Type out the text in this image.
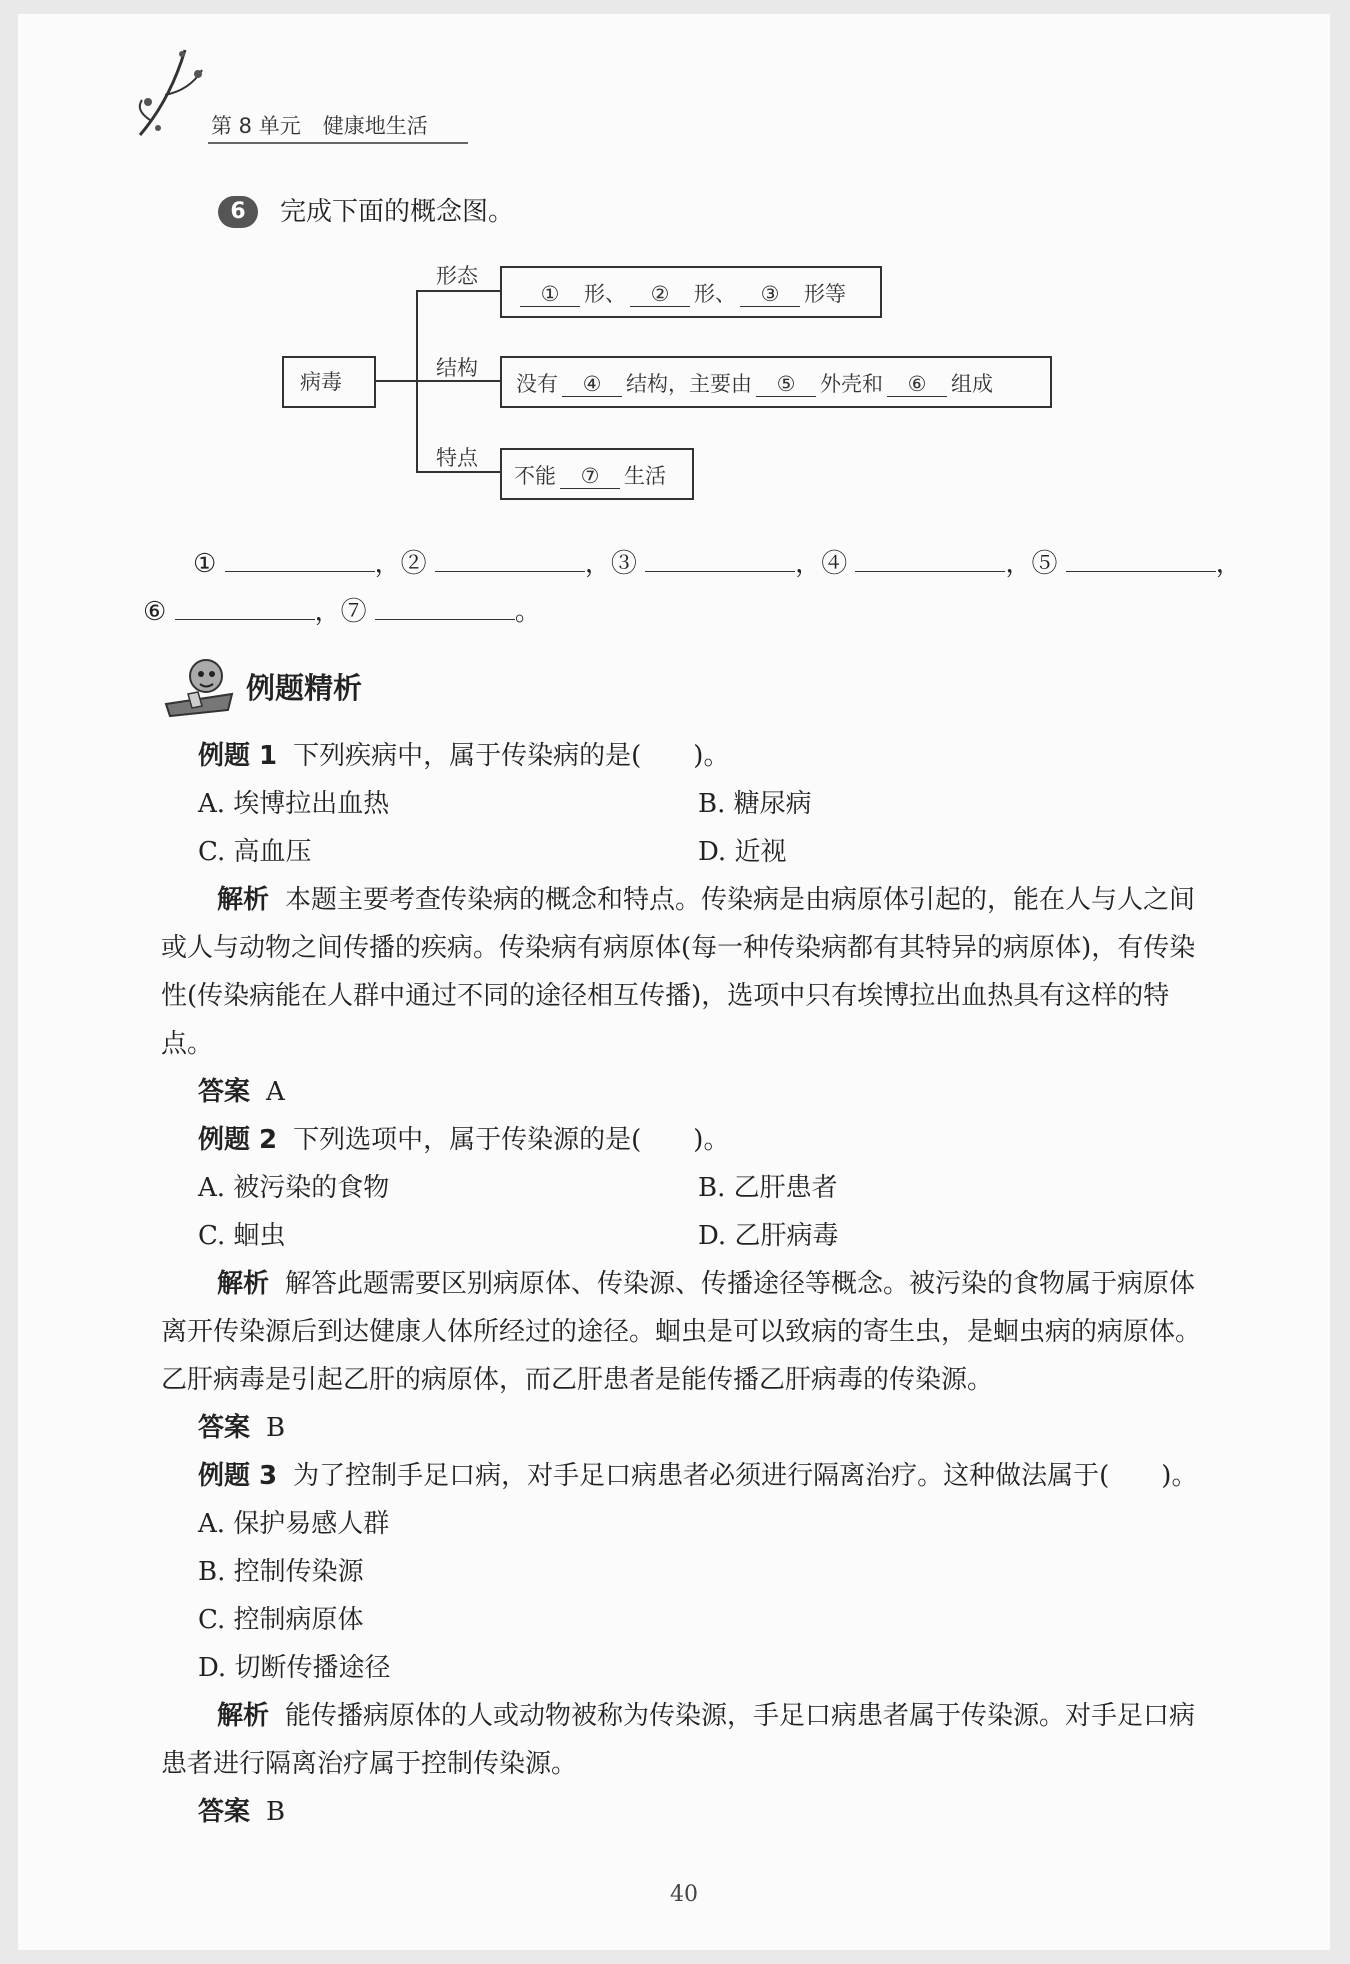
第 8 单元 健康地生活
6	完成下面的概念图。
病毒
形态
结构
特点
① 形、 ② 形、 ③ 形等
没有 ④ 结构，主要由 ⑤ 外壳和 ⑥ 组成
不能 ⑦ 生活
①	，②	，③	，④	，⑤	，
⑥	，⑦	。
例题精析
例题 1 下列疾病中，属于传染病的是(　　)。
A. 埃博拉出血热	B. 糖尿病
C. 高血压	D. 近视
解析 本题主要考查传染病的概念和特点。传染病是由病原体引起的，能在人与人之间或人与动物之间传播的疾病。传染病有病原体(每一种传染病都有其特异的病原体)，有传染性(传染病能在人群中通过不同的途径相互传播)，选项中只有埃博拉出血热具有这样的特点。
答案 A
例题 2 下列选项中，属于传染源的是(　　)。
A. 被污染的食物	B. 乙肝患者
C. 蛔虫	D. 乙肝病毒
解析 解答此题需要区别病原体、传染源、传播途径等概念。被污染的食物属于病原体离开传染源后到达健康人体所经过的途径。蛔虫是可以致病的寄生虫，是蛔虫病的病原体。乙肝病毒是引起乙肝的病原体，而乙肝患者是能传播乙肝病毒的传染源。
答案 B
例题 3 为了控制手足口病，对手足口病患者必须进行隔离治疗。这种做法属于(　　)。
A. 保护易感人群
B. 控制传染源
C. 控制病原体
D. 切断传播途径
解析 能传播病原体的人或动物被称为传染源，手足口病患者属于传染源。对手足口病患者进行隔离治疗属于控制传染源。
答案 B
40
